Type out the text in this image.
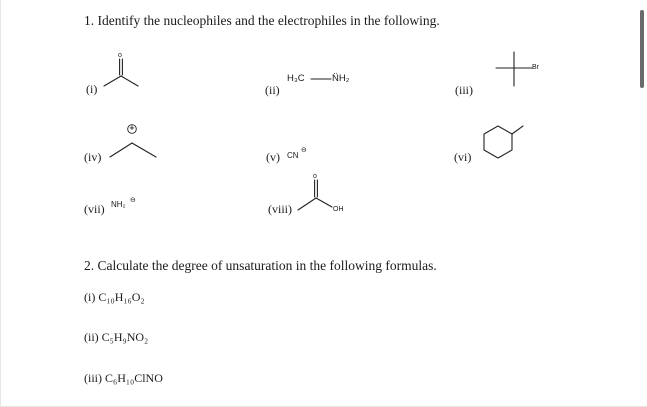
1. Identify the nucleophiles and the electrophiles in the following.
(i)
o
(ii)
H₃C	N̈H₂
(iii)
Br
(iv)
+
(v) CN
⊖	(vi)
(vii) NH₂ ⊖
(viii)
o
OH
2. Calculate the degree of unsaturation in the following formulas.
(i) C₁₀H₁₆O₂
(ii) C₅H₉NO₂
(iii) C₆H₁₀ClNO
